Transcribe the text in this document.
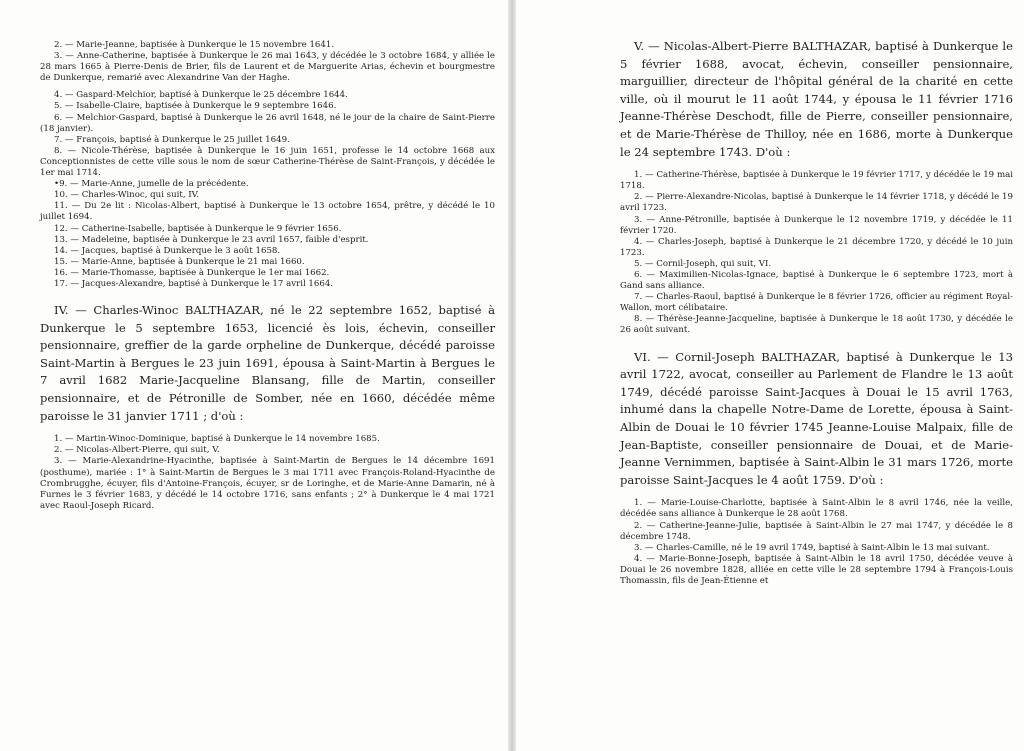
2. — Marie-Jeanne, baptisée à Dunkerque le 15 novembre 1641.

3. — Anne-Catherine, baptisée à Dunkerque le 26 mai 1643, y décédée le 3 octobre 1684, y alliée le 28 mars 1665 à Pierre-Denis de Brier, fils de Laurent et de Marguerite Arias, échevin et bourgmestre de Dunkerque, remarié avec Alexandrine Van der Haghe.

4. — Gaspard-Melchior, baptisé à Dunkerque le 25 décembre 1644.

5. — Isabelle-Claire, baptisée à Dunkerque le 9 septembre 1646.

6. — Melchior-Gaspard, baptisé à Dunkerque le 26 avril 1648, né le jour de la chaire de Saint-Pierre (18 janvier).

7. — François, baptisé à Dunkerque le 25 juillet 1649.

8. — Nicole-Thérèse, baptisée à Dunkerque le 16 juin 1651, professe le 14 octobre 1668 aux Conceptionnistes de cette ville sous le nom de sœur Catherine-Thérèse de Saint-François, y décédée le 1er mai 1714.

•9. — Marie-Anne, jumelle de la précédente.

10. — Charles-Winoc, qui suit, IV.

11. — Du 2e lit : Nicolas-Albert, baptisé à Dunkerque le 13 octobre 1654, prêtre, y décédé le 10 juillet 1694.

12. — Catherine-Isabelle, baptisée à Dunkerque le 9 février 1656.

13. — Madeleine, baptisée à Dunkerque le 23 avril 1657, faible d'esprit.

14. — Jacques, baptisé à Dunkerque le 3 août 1658.

15. — Marie-Anne, baptisée à Dunkerque le 21 mai 1660.

16. — Marie-Thomasse, baptisée à Dunkerque le 1er mai 1662.

17. — Jacques-Alexandre, baptisé à Dunkerque le 17 avril 1664.

IV. — Charles-Winoc BALTHAZAR, né le 22 septembre 1652, baptisé à Dunkerque le 5 septembre 1653, licencié ès lois, échevin, conseiller pensionnaire, greffier de la garde orpheline de Dunkerque, décédé paroisse Saint-Martin à Bergues le 23 juin 1691, épousa à Saint-Martin à Bergues le 7 avril 1682 Marie-Jacqueline Blansang, fille de Martin, conseiller pensionnaire, et de Pétronille de Somber, née en 1660, décédée même paroisse le 31 janvier 1711 ; d'où :

1. — Martin-Winoc-Dominique, baptisé à Dunkerque le 14 novembre 1685.

2. — Nicolas-Albert-Pierre, qui suit, V.

3. — Marie-Alexandrine-Hyacinthe, baptisée à Saint-Martin de Bergues le 14 décembre 1691 (posthume), mariée : 1° à Saint-Martin de Bergues le 3 mai 1711 avec François-Roland-Hyacinthe de Crombrugghe, écuyer, fils d'Antoine-François, écuyer, sr de Loringhe, et de Marie-Anne Damarin, né à Furnes le 3 février 1683, y décédé le 14 octobre 1716, sans enfants ; 2° à Dunkerque le 4 mai 1721 avec Raoul-Joseph Ricard.

V. — Nicolas-Albert-Pierre BALTHAZAR, baptisé à Dunkerque le 5 février 1688, avocat, échevin, conseiller pensionnaire, marguillier, directeur de l'hôpital général de la charité en cette ville, où il mourut le 11 août 1744, y épousa le 11 février 1716 Jeanne-Thérèse Deschodt, fille de Pierre, conseiller pensionnaire, et de Marie-Thérèse de Thilloy, née en 1686, morte à Dunkerque le 24 septembre 1743. D'où :

1. — Catherine-Thérèse, baptisée à Dunkerque le 19 février 1717, y décédée le 19 mai 1718.

2. — Pierre-Alexandre-Nicolas, baptisé à Dunkerque le 14 février 1718, y décédé le 19 avril 1723.

3. — Anne-Pétronille, baptisée à Dunkerque le 12 novembre 1719, y décédée le 11 février 1720.

4. — Charles-Joseph, baptisé à Dunkerque le 21 décembre 1720, y décédé le 10 juin 1723.

5. — Cornil-Joseph, qui suit, VI.

6. — Maximilien-Nicolas-Ignace, baptisé à Dunkerque le 6 septembre 1723, mort à Gand sans alliance.

7. — Charles-Raoul, baptisé à Dunkerque le 8 février 1726, officier au régiment Royal-Wallon, mort célibataire.

8. — Thérèse-Jeanne-Jacqueline, baptisée à Dunkerque le 18 août 1730, y décédée le 26 août suivant.

VI. — Cornil-Joseph BALTHAZAR, baptisé à Dunkerque le 13 avril 1722, avocat, conseiller au Parlement de Flandre le 13 août 1749, décédé paroisse Saint-Jacques à Douai le 15 avril 1763, inhumé dans la chapelle Notre-Dame de Lorette, épousa à Saint-Albin de Douai le 10 février 1745 Jeanne-Louise Malpaix, fille de Jean-Baptiste, conseiller pensionnaire de Douai, et de Marie-Jeanne Vernimmen, baptisée à Saint-Albin le 31 mars 1726, morte paroisse Saint-Jacques le 4 août 1759. D'où :

1. — Marie-Louise-Charlotte, baptisée à Saint-Albin le 8 avril 1746, née la veille, décédée sans alliance à Dunkerque le 28 août 1768.

2. — Catherine-Jeanne-Julie, baptisée à Saint-Albin le 27 mai 1747, y décédée le 8 décembre 1748.

3. — Charles-Camille, né le 19 avril 1749, baptisé à Saint-Albin le 13 mai suivant.

4. — Marie-Bonne-Joseph, baptisée à Saint-Albin le 18 avril 1750, décédée veuve à Douai le 26 novembre 1828, alliée en cette ville le 28 septembre 1794 à François-Louis Thomassin, fils de Jean-Étienne et
